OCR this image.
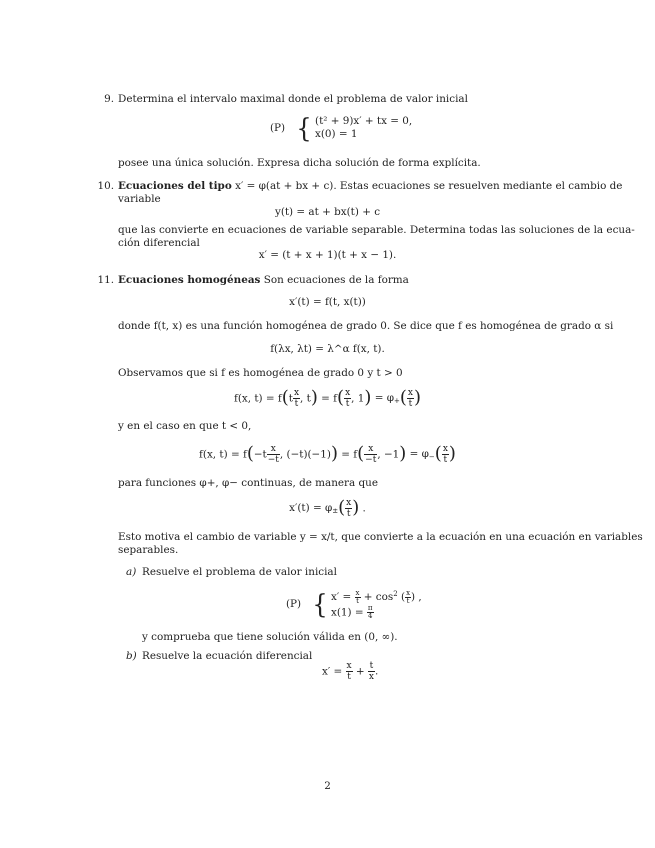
9. Determina el intervalo maximal donde el problema de valor inicial
(P) { (t² + 9)x′ + tx = 0,
x(0) = 1
posee una única solución. Expresa dicha solución de forma explícita.
10. Ecuaciones del tipo x′ = φ(at + bx + c). Estas ecuaciones se resuelven mediante el cambio de
variable
y(t) = at + bx(t) + c
que las convierte en ecuaciones de variable separable. Determina todas las soluciones de la ecua-
ción diferencial
x′ = (t + x + 1)(t + x − 1).
11. Ecuaciones homogéneas Son ecuaciones de la forma
x′(t) = f(t, x(t))
donde f(t, x) es una función homogénea de grado 0. Se dice que f es homogénea de grado α si
f(λx, λt) = λ^α f(x, t).
Observamos que si f es homogénea de grado 0 y t > 0
f(x, $t) = f(t \frac{x}{t}$ , $t) = f( \frac{x}{t}$ , $1) = \varphi_+( \frac{x}{t}$ )
y en el caso en que t < 0,
f(x, $t) = f(-t \frac{x}{-t}$ , $(-t)(-1)) = f( \frac{x}{-t}$ , $-1) = \varphi_-( \frac{x}{t}$ )
para funciones φ+, φ− continuas, de manera que
$x'(t) = \varphi_\pm( \frac{x}{t}$ ) .
Esto motiva el cambio de variable y = x/t, que convierte a la ecuación en una ecuación en variables
separables.
a) Resuelve el problema de valor inicial
(P) { $x' = \frac{x}{t} + \cos^2$ ( $\frac{x}{t}$ ) ,
$x(1) = \frac{\pi}{4}$
y comprueba que tiene solución válida en (0, ∞).
b) Resuelve la ecuación diferencial
$x' = \frac{x}{t} + \frac{t}{x}$ .
2
